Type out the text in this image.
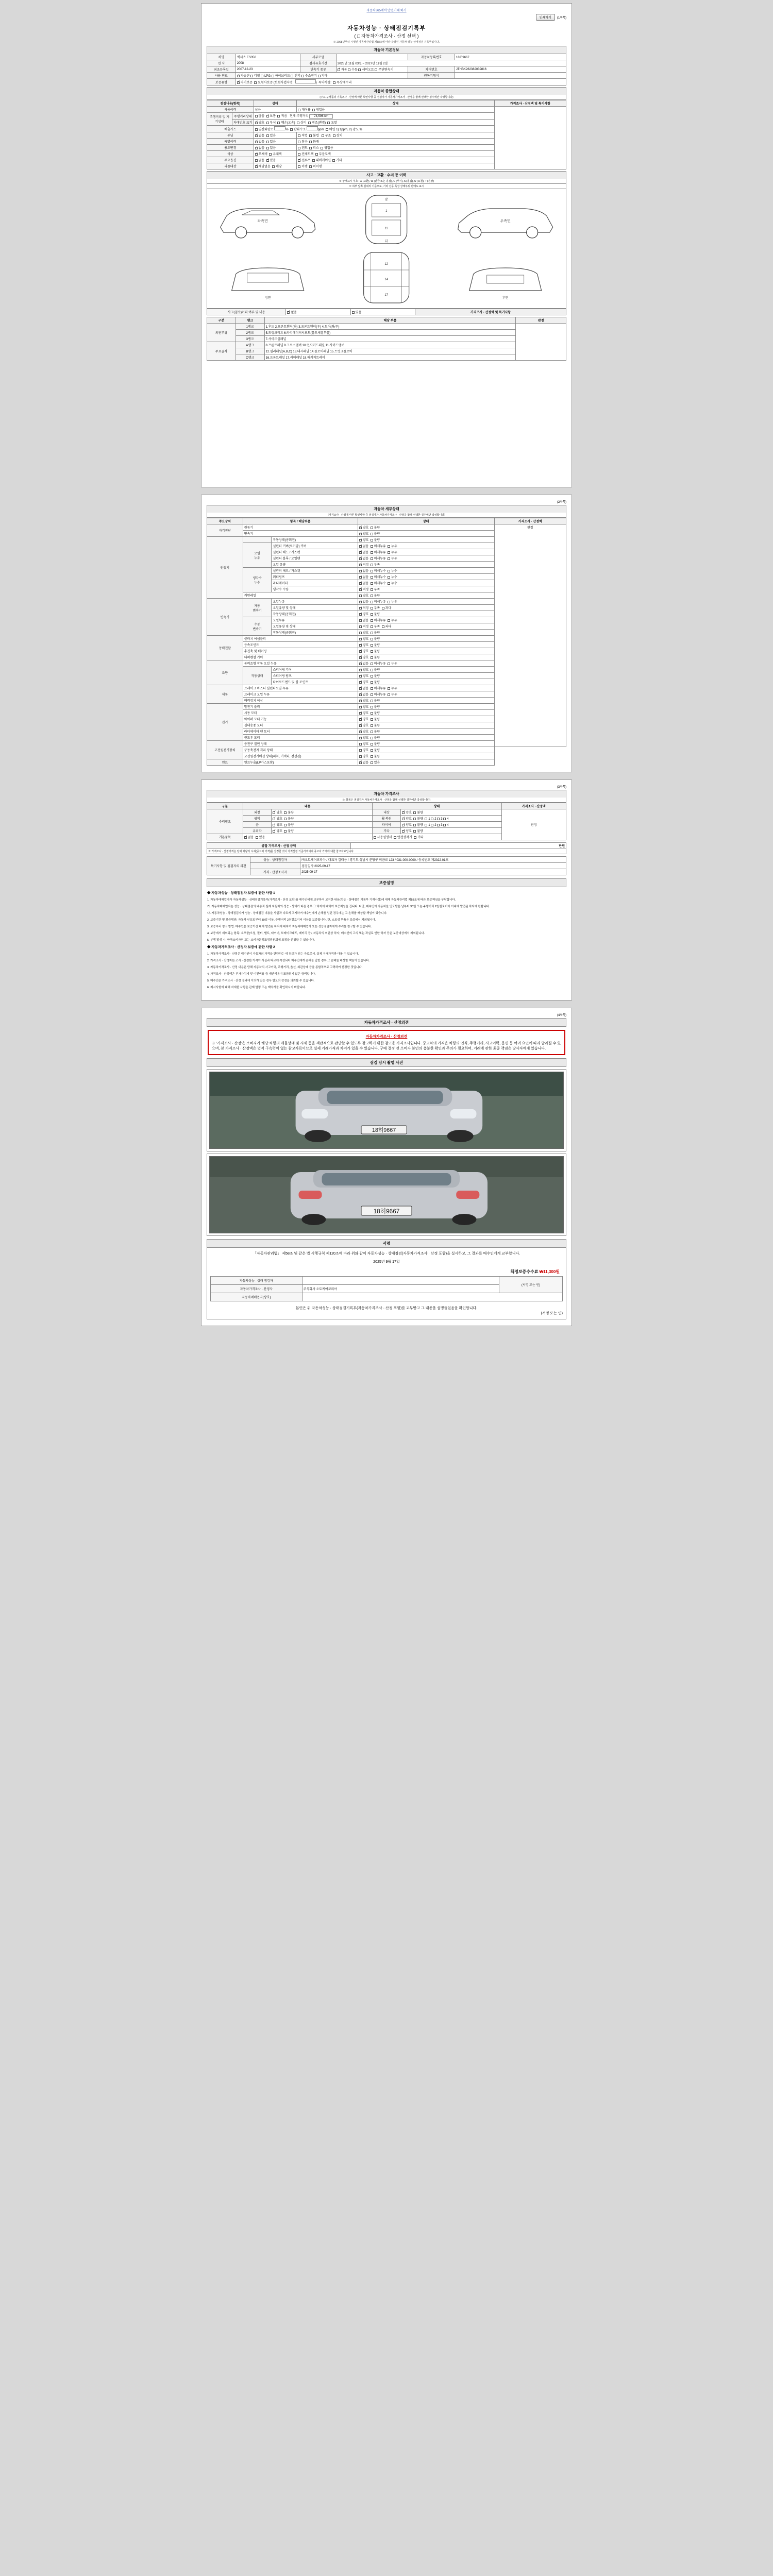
자동차365에서 안전거래 하기
인쇄하기	(1/4쪽)
자동차성능 · 상태점검기록부
( □ 자동차가격조사 · 산정 선택 )
※ 2008년부터 시행된 자동차관리법 제58조에 따라 작성된 자동차 성능·상태점검 기록부입니다.
자동차 기본정보
차명	렉서스 ES350	세부모델		자동차등록번호	18허9667
연 식	2008	검사유효기간	2025년 11월 03일 ~ 2027년 11월 2일		
최초등록일	2007-12-23	변속기 종류	✓자동 수동 세미오토 무단변속기	차대번호	JTHBK262382039816
사용 연료	✓가솔린 디젤 LPG 하이브리드 전기 수소전기 기타			원동기형식	
보증유형	✓자기보증 보험사보증 (보험사업자명: )  특약사항: 무상배수리
자동차 종합상태
(주요 구성품의 기록조사 · 산정에 따른 확인사항 중 점검자가 자동차가격조사 · 산정을 함께 선택한 경우에만 작성합니다)
점검내용(항목)		상태	상태	가격조사 · 산정액 및 특기사항
사용이력		상용	대여용 영업용	
주행거리 및 계기상태	주행거리상태	많음 ✓ 보통 적음 현재 주행거리 74,596 km
	차대번호 표기	✓양호 부식 훼손(오손) 상이 변조(변경) 도말
배출가스		일산화탄소 % 탄화수소 ppm 매연 1) 1ppm, 2) 광도 %		
튜닝	✓없음 있음	적법 불법 구조 장치	
특별이력	✓없음 있음	침수 화재	
용도변경	✓없음 있음	렌트 리스 영업용	
색상	✓무채색 유채색	전체도색 부분도색	
주요옵션		없음 ✓ 있음	✓선루프 내비게이션 기타
리콜대상	✓해당없음 해당	이행 미이행	
사고 · 교환 · 수리 등 이력
※ 상태표시 부호 : X (교환), W (판금 또는 용접), C (부식), A (흠집), U (요철), T (손상)
※ 하부 앞쪽 실내의 기준으로, 기타 진동 특성 상태부위 란에도 표시
좌측면
앞
뒤
1
11
우측면
정면
12
14
17
후면
사고(침수)이력 여부 및 내용	✓없음	있음	가격조사 · 산정액 및 특기사항
구분	랭크	해당 부품	판정
외판부위	1랭크	1.후드 2.프론트휀더(좌) 3.프론트휀더(우) 4.도어(좌/우)	
	2랭크	5.트렁크리드 6.라디에이터서포트(볼트체결부품)	
	3랭크	7.사이드실패널	
주요골격	A랭크	8.프론트패널 9.크로스멤버 10.인사이드패널 11.사이드멤버	
	B랭크	12.필러패널(A,B,C) 13.대시패널 14.플로어패널 15.트렁크플로어	
	C랭크	16.프론트패널 17.리어패널 18.패키지트레이	
(2/4쪽)
자동차 세부상태
(가격조사 · 산정에 따른 확인사항 중 점검자가 자동차가격조사 · 산정을 함께 선택한 경우에만 작성합니다)
주요장치	항목 / 해당부품		상태	가격조사 · 산정액
자기진단	원동기	✓양호 불량	판정
	변속기	✓양호 불량
원동기		작동상태(공회전)	✓양호 불량
	오일
누유	실린더 커버(로커암) 커버	✓없음 미세누유 누유
		실린더 헤드 / 가스켓	✓없음 미세누유 누유
		실린더 블록 / 오일팬	✓없음 미세누유 누유
		오일 유량	✓적정 부족
	냉각수
누수	실린더 헤드 / 가스켓	✓없음 미세누수 누수
		워터펌프	✓없음 미세누수 누수
		라디에이터	✓없음 미세누수 누수
		냉각수 수량	✓적정 부족
	커먼레일		양호 불량	
변속기	자동
변속기	오일누유	✓없음 미세누유 누유
		오일유량 및 상태	✓적정 부족 과다
		작동상태(공회전)	✓양호 불량
	수동
변속기	오일누유	없음 미세누유 누유	
		오일유량 및 상태	적정 부족 과다	
		작동상태(공회전)	양호 불량	
동력전달	클러치 어셈블리	✓양호 불량
	등속조인트	✓양호 불량
	추진축 및 베어링	✓양호 불량
	디퍼렌셜 기어	✓양호 불량
조향	동력조향 작동 오일 누유	✓없음 미세누유 누유
	작동상태	스티어링 기어	✓양호 불량
		스티어링 펌프	✓양호 불량
		타이로드엔드 및 볼 조인트	✓양호 불량
제동	브레이크 마스터 실린더오일 누유	✓없음 미세누유 누유
	브레이크 오일 누유	✓없음 미세누유 누유
	배력장치 이상	✓양호 불량
전기	발전기 출력	✓양호 불량
	시동 모터	✓양호 불량
	와이퍼 모터 기능	✓양호 불량
	실내송풍 모터	✓양호 불량
	라디에이터 팬 모터	✓양호 불량
	윈도우 모터	✓양호 불량
고전원전기장치	충전구 절연 상태		양호 불량	
	구동축전지 격리 상태		양호 불량	
	고전원전기배선 상태(피복, 커넥터, 전선관)		양호 불량	
연료	연료누출(LP가스포함)	✓없음 있음
(3/4쪽)
자동차 가격조사
(□ 항목은 점검자가 자동차가격조사 · 산정을 함께 선택한 경우에만 작성합니다)
구분	내용		상태		가격조사 · 산정액
수리필요	외장	✓양호 불량	내장	✓양호 불량	판정
	광택	✓양호 불량	휠 복원	✓양호 불량 1 2 3 4
	룸	✓양호 불량	타이어	✓양호 불량 1 2 3 4
	유리막	✓양호 불량	기타	✓양호 불량
기본품목	✓없음 있음		사용설명서 안전상각기 기타		
종합 가격조사 · 산정 금액	만원
※ 가격조사 · 산정가격은 당해 차량의 시세(중고차 가격)를 산정한 것이 가격산정 기준가격이며 중고차 가격에 대한 참고자료입니다.
특기사항 및 점검자의 의견	성능 · 상태점검자	㈜오토케어코리아 / 대표자 김태용 / 경기도 성남시 분당구 미금로 123 / 031-000-0000 / 등록번호 제2022-01호
		점검일자 2025-09-17
	가격 · 산정조사자	2025-09-17
보증설명
◆ 자동차성능 · 상태점검자 보증에 관한 사항 1

1. 자동차매매업자가 자동차성능 · 상태점검기록부(가격조사 · 산정 포함)를 매수인에게 교부하여 고지한 내용(성능 · 상태점검 기록부 기재사항)에 대해 자동차관리법 제58조에 따른 보증책임을 부담합니다.

가. 자동차매매업자는 성능 · 상태점검의 내용과 실제 자동차의 성능 · 상태가 다른 경우 그 하자에 대하여 보증책임을 집니다. 다만, 매수인이 자동차를 인도받은 날부터 30일 또는 주행거리 2천킬로미터 이내에 발견된 하자에 한합니다.

나. 자동차성능 · 상태점검자가 성능 · 상태점검 내용을 사실과 다르게 고지하여 매수인에게 손해를 입힌 경우에는 그 손해를 배상할 책임이 있습니다.

2. 보증기간 및 보증범위: 자동차 인도일부터 30일 이상, 주행거리 2천킬로미터 이상을 보증합니다. 단, 소모성 부품은 보증에서 제외됩니다.

3. 보증수리 청구 방법: 매수인은 보증기간 내에 발견된 하자에 대하여 자동차매매업자 또는 성능점검자에게 수리를 청구할 수 있습니다.

4. 보증에서 제외되는 항목: 소모품(오일, 필터, 벨트, 타이어, 브레이크패드, 배터리 등), 자동차의 외관상 하자, 매수인의 고의 또는 과실로 인한 하자 등은 보증대상에서 제외됩니다.

5. 분쟁 발생 시: 한국소비자원 또는 소비자분쟁조정위원회에 조정을 신청할 수 있습니다.

◆ 자동차가격조사 · 산정자 보증에 관한 사항 2

1. 자동차가격조사 · 산정은 매수인이 자동차의 가격을 판단하는 데 참고가 되는 자료로서, 실제 거래가격과 다를 수 있습니다.

2. 가격조사 · 산정자는 조사 · 산정한 가격이 사실과 다르게 작성되어 매수인에게 손해를 입힌 경우 그 손해를 배상할 책임이 있습니다.

3. 자동차가격조사 · 산정 내용은 당해 자동차의 사고이력, 주행거리, 옵션, 외관상태 등을 종합적으로 고려하여 산정한 것입니다.

4. 가격조사 · 산정액은 부가가치세 및 이전비용 등 제반비용이 포함되지 않은 금액입니다.

5. 매수인은 가격조사 · 산정 결과에 이의가 있는 경우 별도의 감정을 의뢰할 수 있습니다.

6. 제시사항에 대해 자세한 사항은 관계 법령 또는 계약서를 확인하시기 바랍니다.

(4/4쪽)
자동차가격조사 · 산정의견
자동차가격조사 · 산정의견
※ '가격조사 · 산정'은 소비자가 해당 차량의 매물상태 및 시세 등을 객관적으로 판단할 수 있도록 참고하기 위한 참고용 가격조사입니다. 중고차의 가격은 차량의 연식, 주행거리, 사고이력, 옵션 등 여러 요인에 따라 달라질 수 있으며, 본 가격조사 · 산정액은 법적 구속력이 없는 참고자료이므로 실제 거래가격과 차이가 있을 수 있습니다. 구매 결정 전 소비자 본인의 충분한 확인과 주의가 필요하며, 거래에 관한 최종 책임은 당사자에게 있습니다.
점검 당시 촬영 사진
18허9667
18허9667
서명
「자동차관리법」 제58조 및 같은 법 시행규칙 제120조에 따라 위와 같이 자동차성능 · 상태점검(자동차가격조사 · 산정 포함)을 실시하고, 그 결과를 매수인에게 교부합니다.
2025년 9월 17일
책정보증수수료 ₩11,300원
자동차성능 · 상태 점검자		(서명 또는 인)
자동차가격조사 · 산정자	주식회사 오토케어코리아	
자동차매매업자(상호)		
본인은 위 자동차성능 · 상태점검기록부(자동차가격조사 · 산정 포함)를 교부받고 그 내용을 설명들었음을 확인합니다.
(서명 또는 인)
